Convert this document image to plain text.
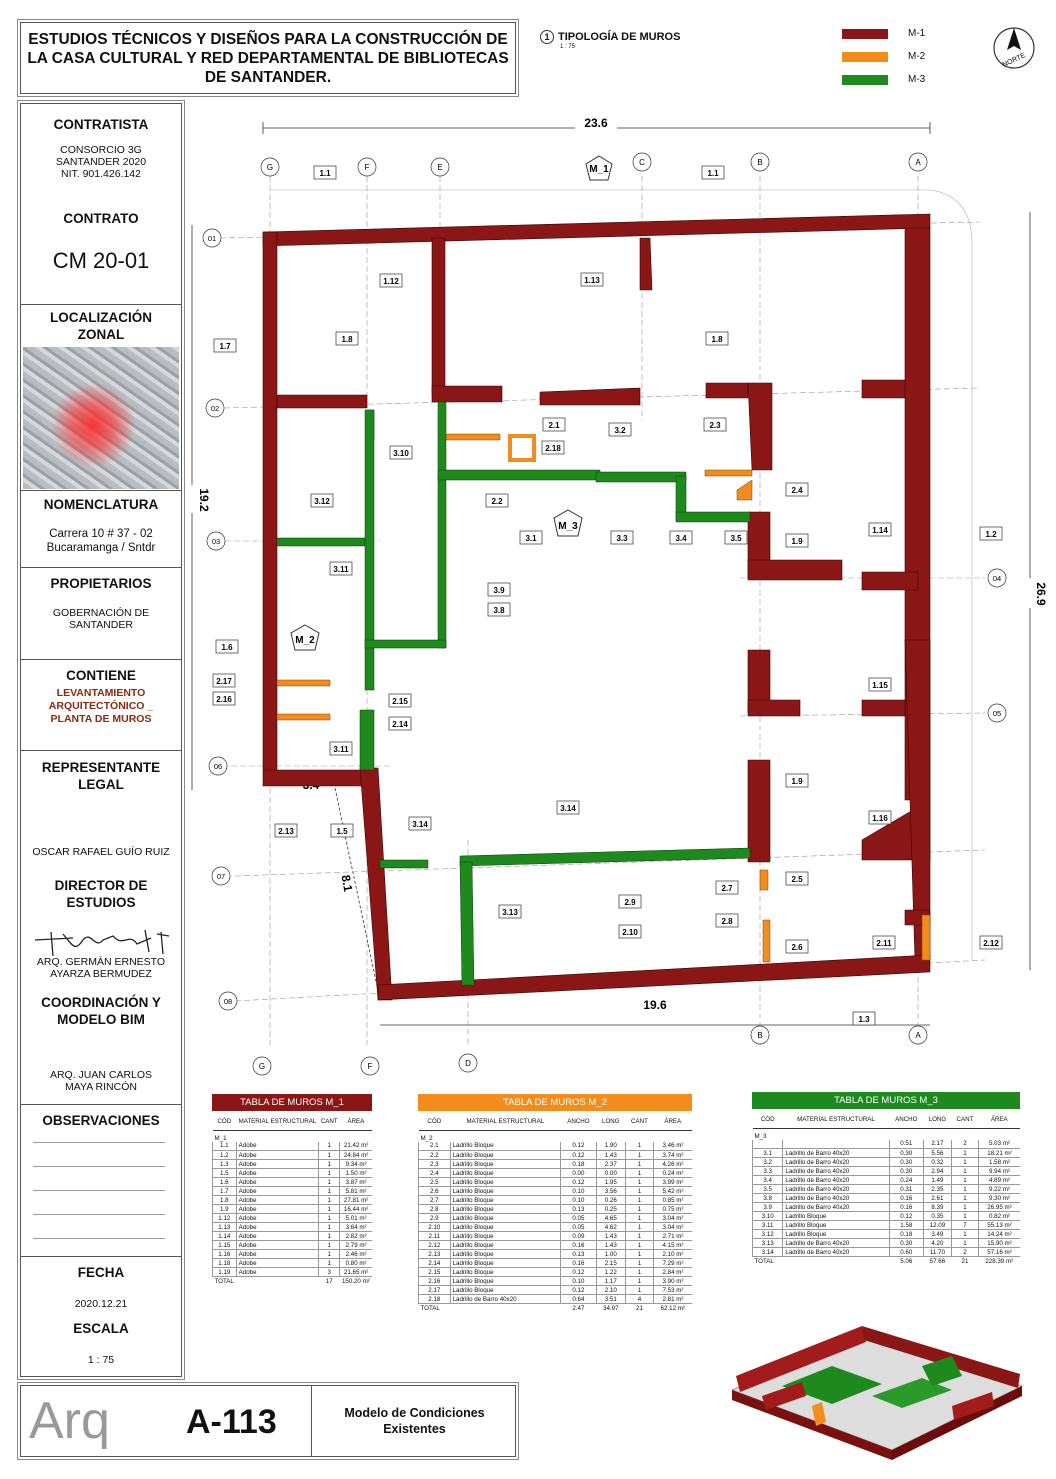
ESTUDIOS TÉCNICOS Y DISEÑOS PARA LA CONSTRUCCIÓN DE LA CASA CULTURAL Y RED DEPARTAMENTAL DE BIBLIOTECAS DE SANTANDER.
1 TIPOLOGÍA DE MUROS
1 : 75
M-1
M-2
M-3
NORTE
CONTRATISTA
CONSORCIO 3G
SANTANDER 2020
NIT. 901.426.142
CONTRATO
CM 20-01
LOCALIZACIÓN
ZONAL
NOMENCLATURA
Carrera 10 # 37 - 02
Bucaramanga / Sntdr
PROPIETARIOS
GOBERNACIÓN DE
SANTANDER
CONTIENE
LEVANTAMIENTO
ARQUITECTÓNICO _
PLANTA DE MUROS
REPRESENTANTE
LEGAL
OSCAR RAFAEL GUÍO RUIZ
DIRECTOR DE
ESTUDIOS
ARQ. GERMÁN ERNESTO
AYARZA BERMUDEZ
COORDINACIÓN Y
MODELO BIM
ARQ. JUAN CARLOS
MAYA RINCÓN
OBSERVACIONES
FECHA
2020.12.21
ESCALA
1 : 75
Arq A-113	Modelo de Condiciones
Existentes
23.6
19.2
26.9
19.6
8.1
G	F	E
C	B	A
G	F	D
B	A
01
02
03
04
05
06
07
08
M_1
M_3
M_2
1.1	1.1
1.12	1.13
1.7
1.8	1.8
2.1
2.18
3.2
2.3
3.10
2.2
2.4
3.12
3.1	3.3	3.4	3.5	1.9
1.14	1.2
3.11
3.9
3.8
1.6
2.17
2.16	2.15
2.14
3.11
1.15
1.5
2.13
3.14
3.14
1.9
1.16
2.7
2.5
2.9
3.13
2.8
2.10
2.6	2.11	2.12
1.3
TABLA DE MUROS M_1
CÓD	MATERIAL ESTRUCTURAL	CANT	ÁREA
M_1			
1.1	Adobe	1	21.42 m²
1.2	Adobe	1	24.84 m²
1.3	Adobe	1	9.34 m²
1.5	Adobe	1	1.50 m²
1.6	Adobe	1	3.87 m²
1.7	Adobe	1	5.81 m²
1.8	Adobe	1	27.81 m²
1.9	Adobe	1	16.44 m²
1.12	Adobe	1	5.01 m²
1.13	Adobe	1	3.64 m²
1.14	Adobe	1	2.82 m²
1.15	Adobe	1	2.79 m²
1.16	Adobe	1	2.46 m²
1.18	Adobe	1	0.80 m²
1.19	Adobe	3	21.65 m²
TOTAL		17	150.20 m²
TABLA DE MUROS M_2
CÓD	MATERIAL ESTRUCTURAL	ANCHO	LONG	CANT	ÁREA
M_2					
2.1	Ladrillo Bloque	0.12	1.90	1	3.46 m²
2.2	Ladrillo Bloque	0.12	1.43	1	3.74 m²
2.3	Ladrillo Bloque	0.18	2.37	1	4.26 m²
2.4	Ladrillo Bloque	0.00	0.00	1	0.24 m²
2.5	Ladrillo Bloque	0.12	1.95	1	3.99 m²
2.6	Ladrillo Bloque	0.10	3.56	1	5.42 m²
2.7	Ladrillo Bloque	0.10	0.26	1	0.85 m²
2.8	Ladrillo Bloque	0.13	0.25	1	0.75 m²
2.9	Ladrillo Bloque	0.05	4.65	1	3.04 m²
2.10	Ladrillo Bloque	0.05	4.62	1	3.04 m²
2.11	Ladrillo Bloque	0.09	1.43	1	2.71 m²
2.12	Ladrillo Bloque	0.16	1.43	1	4.15 m²
2.13	Ladrillo Bloque	0.13	1.00	1	2.10 m²
2.14	Ladrillo Bloque	0.16	2.15	1	7.29 m²
2.15	Ladrillo Bloque	0.12	1.22	1	2.84 m²
2.16	Ladrillo Bloque	0.10	1.17	1	3.90 m²
2.17	Ladrillo Bloque	0.12	2.10	1	7.53 m²
2.18	Ladrillo de Barro 40x20	0.64	3.51	4	2.81 m²
TOTAL		2.47	34.97	21	62.12 m²
TABLA DE MUROS M_3
CÓD	MATERIAL ESTRUCTURAL	ANCHO	LONG	CANT	ÁREA
M_3					
		0.51	2.17	2	5.03 m²
3.1	Ladrillo de Barro 40x20	0.30	5.56	1	18.21 m²
3.2	Ladrillo de Barro 40x20	0.30	0.32	1	1.58 m²
3.3	Ladrillo de Barro 40x20	0.30	2.94	1	9.94 m²
3.4	Ladrillo de Barro 40x20	0.24	1.49	1	4.89 m²
3.5	Ladrillo de Barro 40x20	0.31	2.35	1	9.22 m²
3.8	Ladrillo de Barro 40x20	0.16	2.61	1	9.30 m²
3.9	Ladrillo de Barro 40x20	0.16	8.39	1	26.95 m²
3.10	Ladrillo Bloque	0.12	0.35	1	0.82 m²
3.11	Ladrillo Bloque	1.58	12.09	7	55.13 m²
3.12	Ladrillo Bloque	0.18	3.49	1	14.24 m²
3.13	Ladrillo de Barro 40x20	0.30	4.20	1	15.90 m²
3.14	Ladrillo de Barro 40x20	0.60	11.70	2	57.16 m²
TOTAL		5.06	57.66	21	228.39 m²
